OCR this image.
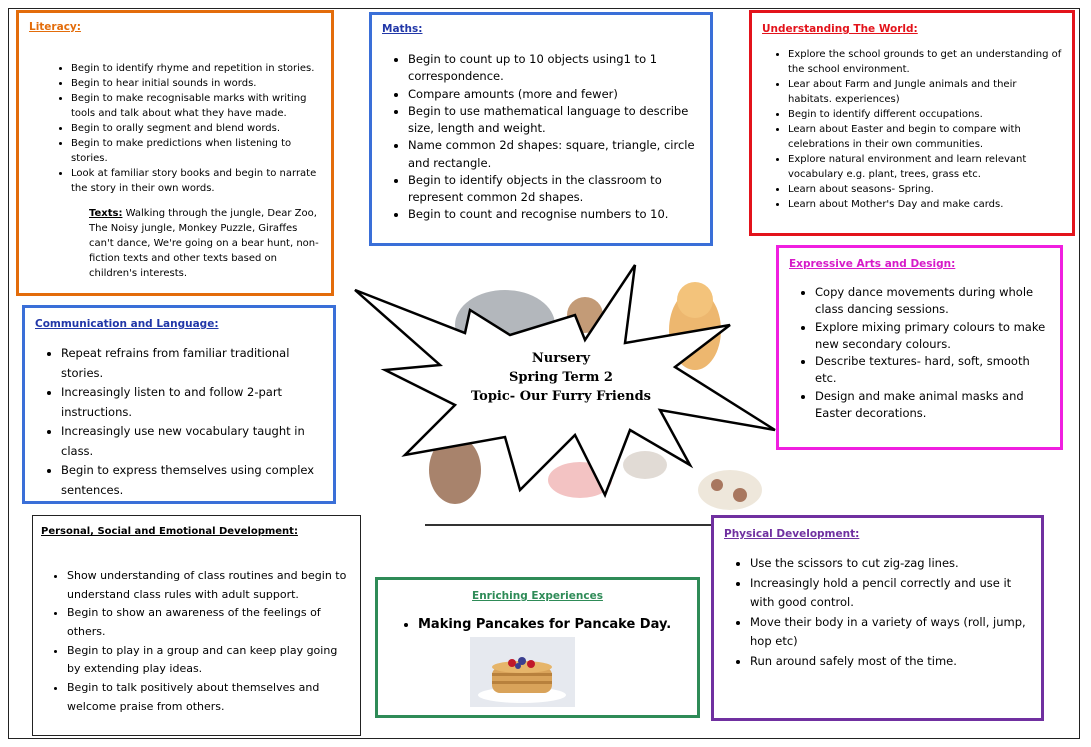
Literacy:
• Begin to identify rhyme and repetition in stories.
• Begin to hear initial sounds in words.
• Begin to make recognisable marks with writing tools and talk about what they have made.
• Begin to orally segment and blend words.
• Begin to make predictions when listening to stories.
• Look at familiar story books and begin to narrate the story in their own words.
Texts: Walking through the jungle, Dear Zoo, The Noisy jungle, Monkey Puzzle, Giraffes can't dance, We're going on a bear hunt, non-fiction texts and other texts based on children's interests.
Maths:
• Begin to count up to 10 objects using1 to 1 correspondence.
• Compare amounts (more and fewer)
• Begin to use mathematical language to describe size, length and weight.
• Name common 2d shapes: square, triangle, circle and rectangle.
• Begin to identify objects in the classroom to represent common 2d shapes.
• Begin to count and recognise numbers to 10.
Understanding The World:
• Explore the school grounds to get an understanding of the school environment.
• Lear about Farm and Jungle animals and their habitats. experiences)
• Begin to identify different occupations.
• Learn about Easter and begin to compare with celebrations in their own communities.
• Explore natural environment and learn relevant vocabulary e.g. plant, trees, grass etc.
• Learn about seasons- Spring.
• Learn about Mother's Day and make cards.
Expressive Arts and Design:
• Copy dance movements during whole class dancing sessions.
• Explore mixing primary colours to make new secondary colours.
• Describe textures- hard, soft, smooth etc.
• Design and make animal masks and Easter decorations.
Communication and Language:
• Repeat refrains from familiar traditional stories.
• Increasingly listen to and follow 2-part instructions.
• Increasingly use new vocabulary taught in class.
• Begin to express themselves using complex sentences.
Nursery
Spring Term 2
Topic- Our Furry Friends
Personal, Social and Emotional Development:
• Show understanding of class routines and begin to understand class rules with adult support.
• Begin to show an awareness of the feelings of others.
• Begin to play in a group and can keep play going by extending play ideas.
• Begin to talk positively about themselves and welcome praise from others.
Enriching Experiences
• Making Pancakes for Pancake Day.
Physical Development:
• Use the scissors to cut zig-zag lines.
• Increasingly hold a pencil correctly and use it with good control.
• Move their body in a variety of ways (roll, jump, hop etc)
• Run around safely most of the time.
